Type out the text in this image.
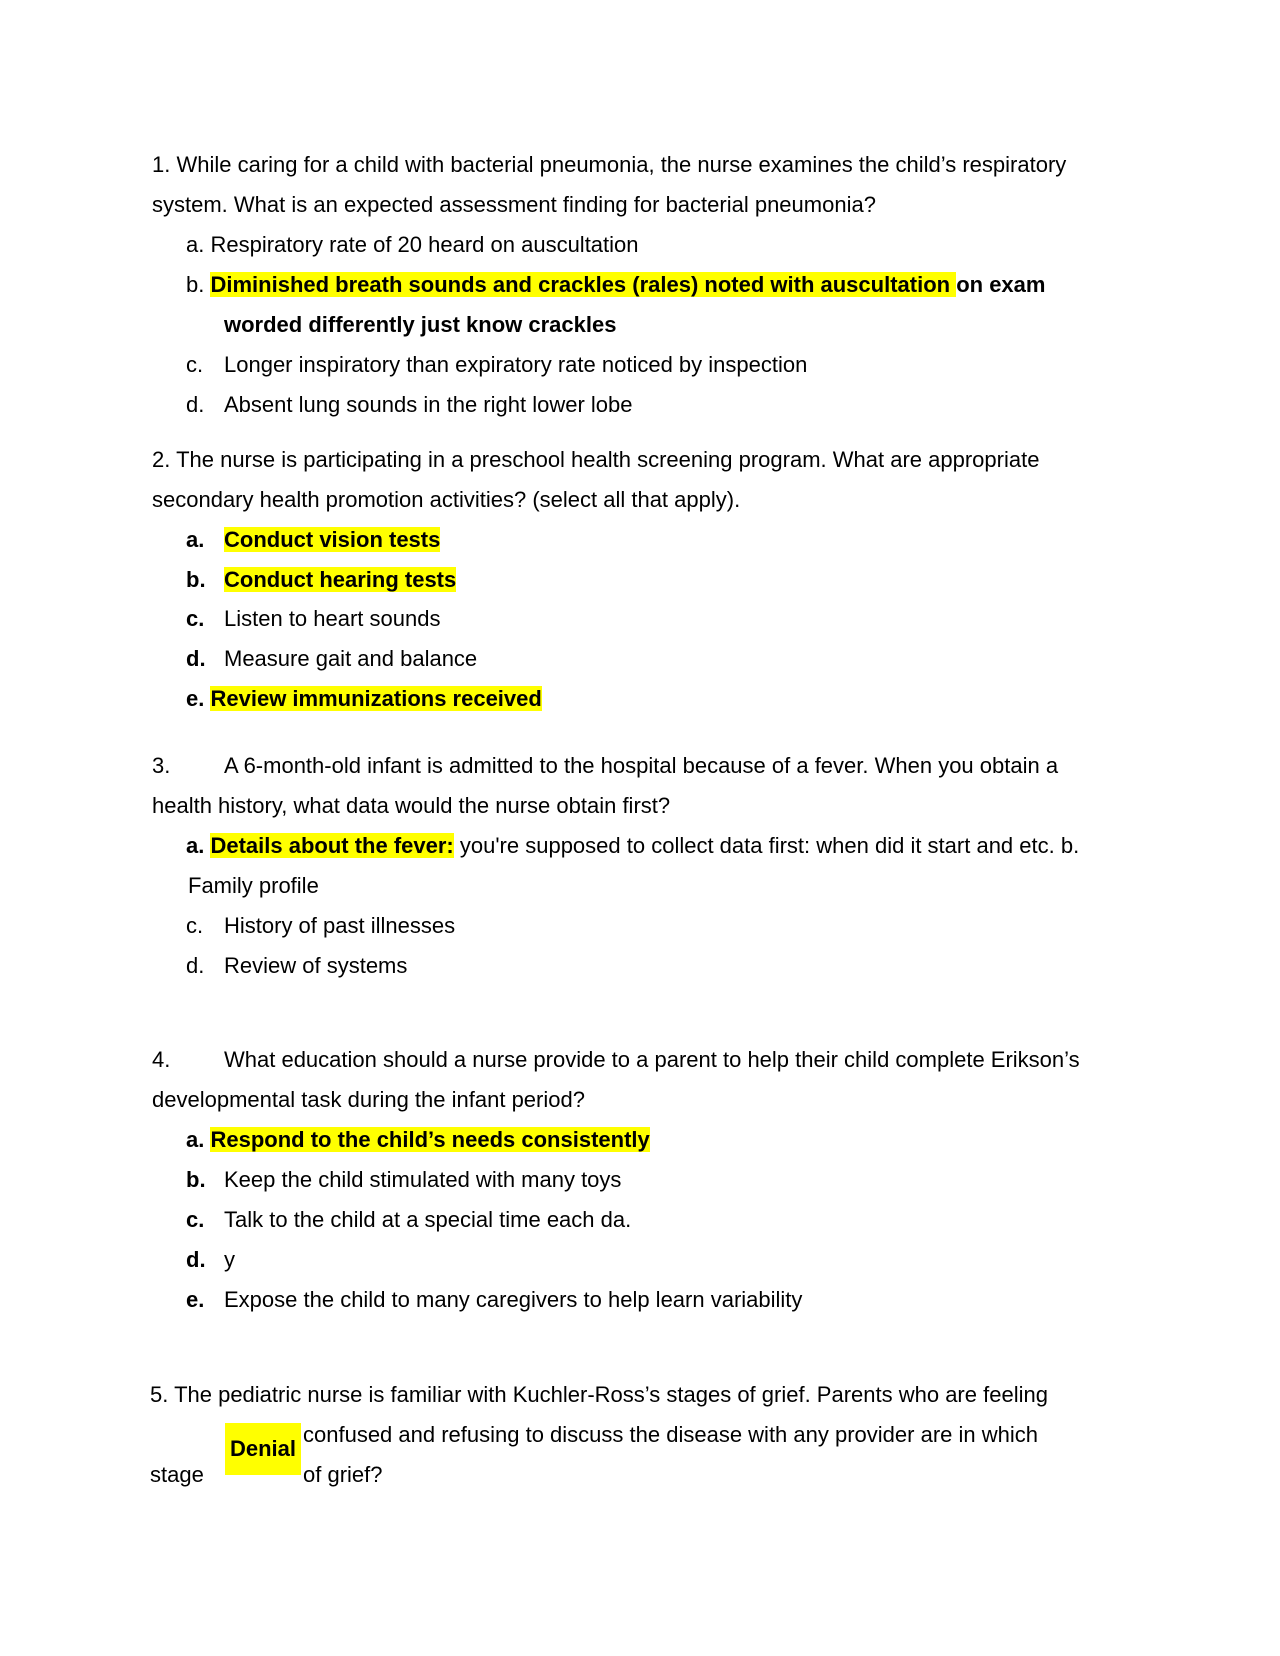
1. While caring for a child with bacterial pneumonia, the nurse examines the child’s respiratory
system. What is an expected assessment finding for bacterial pneumonia?
a. Respiratory rate of 20 heard on auscultation
b. Diminished breath sounds and crackles (rales) noted with auscultation on exam
worded differently just know crackles
c. Longer inspiratory than expiratory rate noticed by inspection
d. Absent lung sounds in the right lower lobe
2. The nurse is participating in a preschool health screening program. What are appropriate
secondary health promotion activities? (select all that apply).
a. Conduct vision tests
b. Conduct hearing tests
c. Listen to heart sounds
d. Measure gait and balance
e. Review immunizations received
3. A 6-month-old infant is admitted to the hospital because of a fever. When you obtain a
health history, what data would the nurse obtain first?
a. Details about the fever: you're supposed to collect data first: when did it start and etc. b.
Family profile
c. History of past illnesses
d. Review of systems
4. What education should a nurse provide to a parent to help their child complete Erikson’s
developmental task during the infant period?
a. Respond to the child’s needs consistently
b. Keep the child stimulated with many toys
c. Talk to the child at a special time each da.
d. y
e. Expose the child to many caregivers to help learn variability
5. The pediatric nurse is familiar with Kuchler-Ross’s stages of grief. Parents who are feeling
confused and refusing to discuss the disease with any provider are in which
stage
Denial
of grief?
